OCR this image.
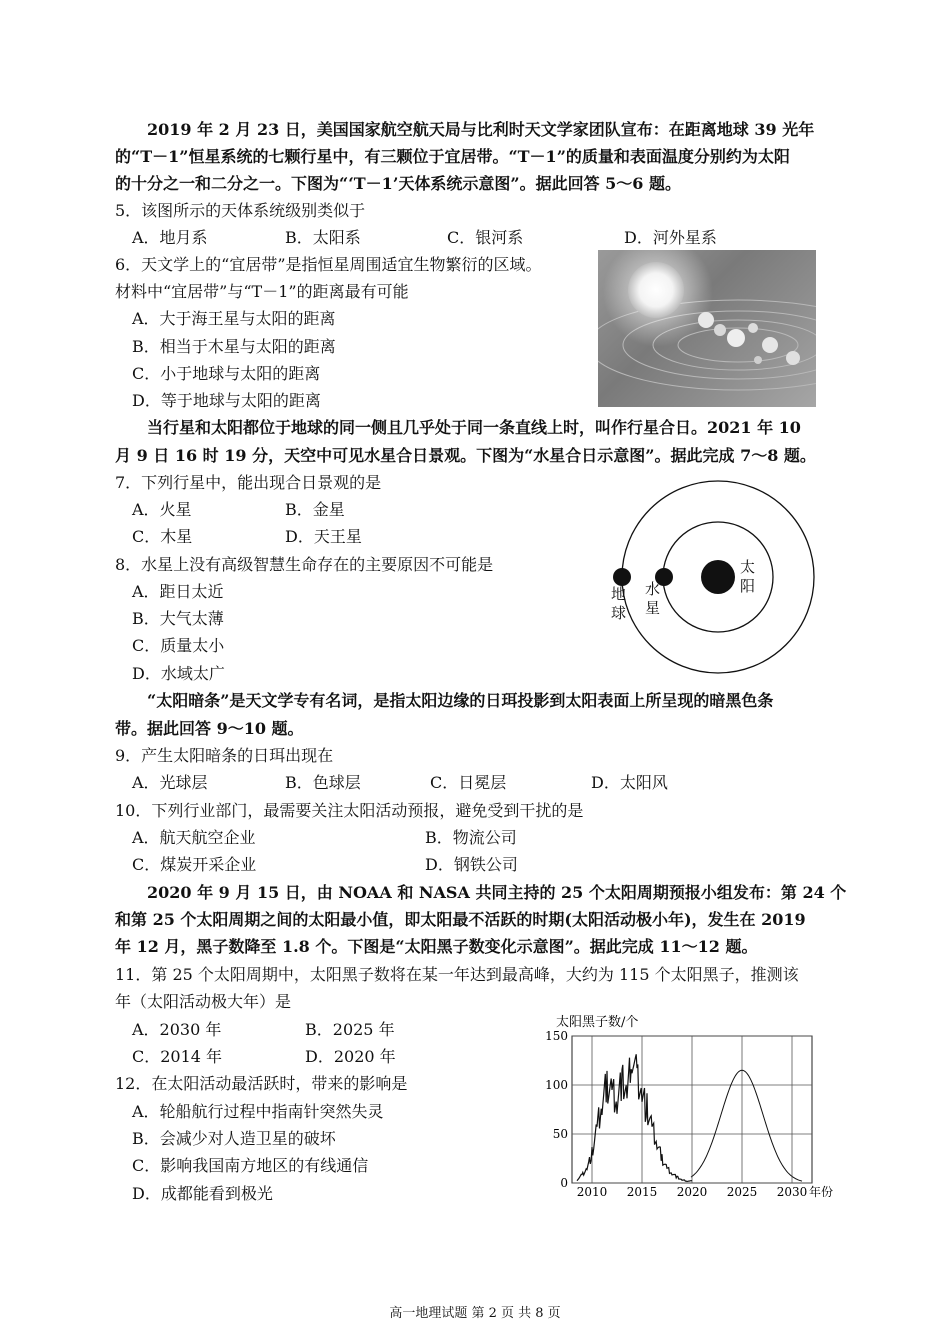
2019 年 2 月 23 日，美国国家航空航天局与比利时天文学家团队宣布：在距离地球 39 光年
的“T－1”恒星系统的七颗行星中，有三颗位于宜居带。“T－1”的质量和表面温度分别约为太阳
的十分之一和二分之一。下图为“‘T－1’天体系统示意图”。据此回答 5～6 题。
5．该图所示的天体系统级别类似于
A．地月系	B．太阳系	C．银河系	D．河外星系
6．天文学上的“宜居带”是指恒星周围适宜生物繁衍的区域。
材料中“宜居带”与“T－1”的距离最有可能
A．大于海王星与太阳的距离
B．相当于木星与太阳的距离
C．小于地球与太阳的距离
D．等于地球与太阳的距离
当行星和太阳都位于地球的同一侧且几乎处于同一条直线上时，叫作行星合日。2021 年 10
月 9 日 16 时 19 分，天空中可见水星合日景观。下图为“水星合日示意图”。据此完成 7～8 题。
7．下列行星中，能出现合日景观的是
A．火星	B．金星
C．木星	D．天王星
8．水星上没有高级智慧生命存在的主要原因不可能是
A．距日太近
B．大气太薄
C．质量太小
D．水域太广
太阳
水星
地球
“太阳暗条”是天文学专有名词，是指太阳边缘的日珥投影到太阳表面上所呈现的暗黑色条
带。据此回答 9～10 题。
9．产生太阳暗条的日珥出现在
A．光球层	B．色球层	C．日冕层	D．太阳风
10．下列行业部门，最需要关注太阳活动预报，避免受到干扰的是
A．航天航空企业	B．物流公司
C．煤炭开采企业	D．钢铁公司
2020 年 9 月 15 日，由 NOAA 和 NASA 共同主持的 25 个太阳周期预报小组发布：第 24 个
和第 25 个太阳周期之间的太阳最小值，即太阳最不活跃的时期(太阳活动极小年)，发生在 2019
年 12 月，黑子数降至 1.8 个。下图是“太阳黑子数变化示意图”。据此完成 11～12 题。
11．第 25 个太阳周期中，太阳黑子数将在某一年达到最高峰，大约为 115 个太阳黑子，推测该
年（太阳活动极大年）是
A．2030 年	B．2025 年
C．2014 年	D．2020 年
12．在太阳活动最活跃时，带来的影响是
A．轮船航行过程中指南针突然失灵
B．会减少对人造卫星的破坏
C．影响我国南方地区的有线通信
D．成都能看到极光
太阳黑子数/个
2010 2015 2020 2025 2030 年份
0
50
100
150
高一地理试题 第 2 页 共 8 页
